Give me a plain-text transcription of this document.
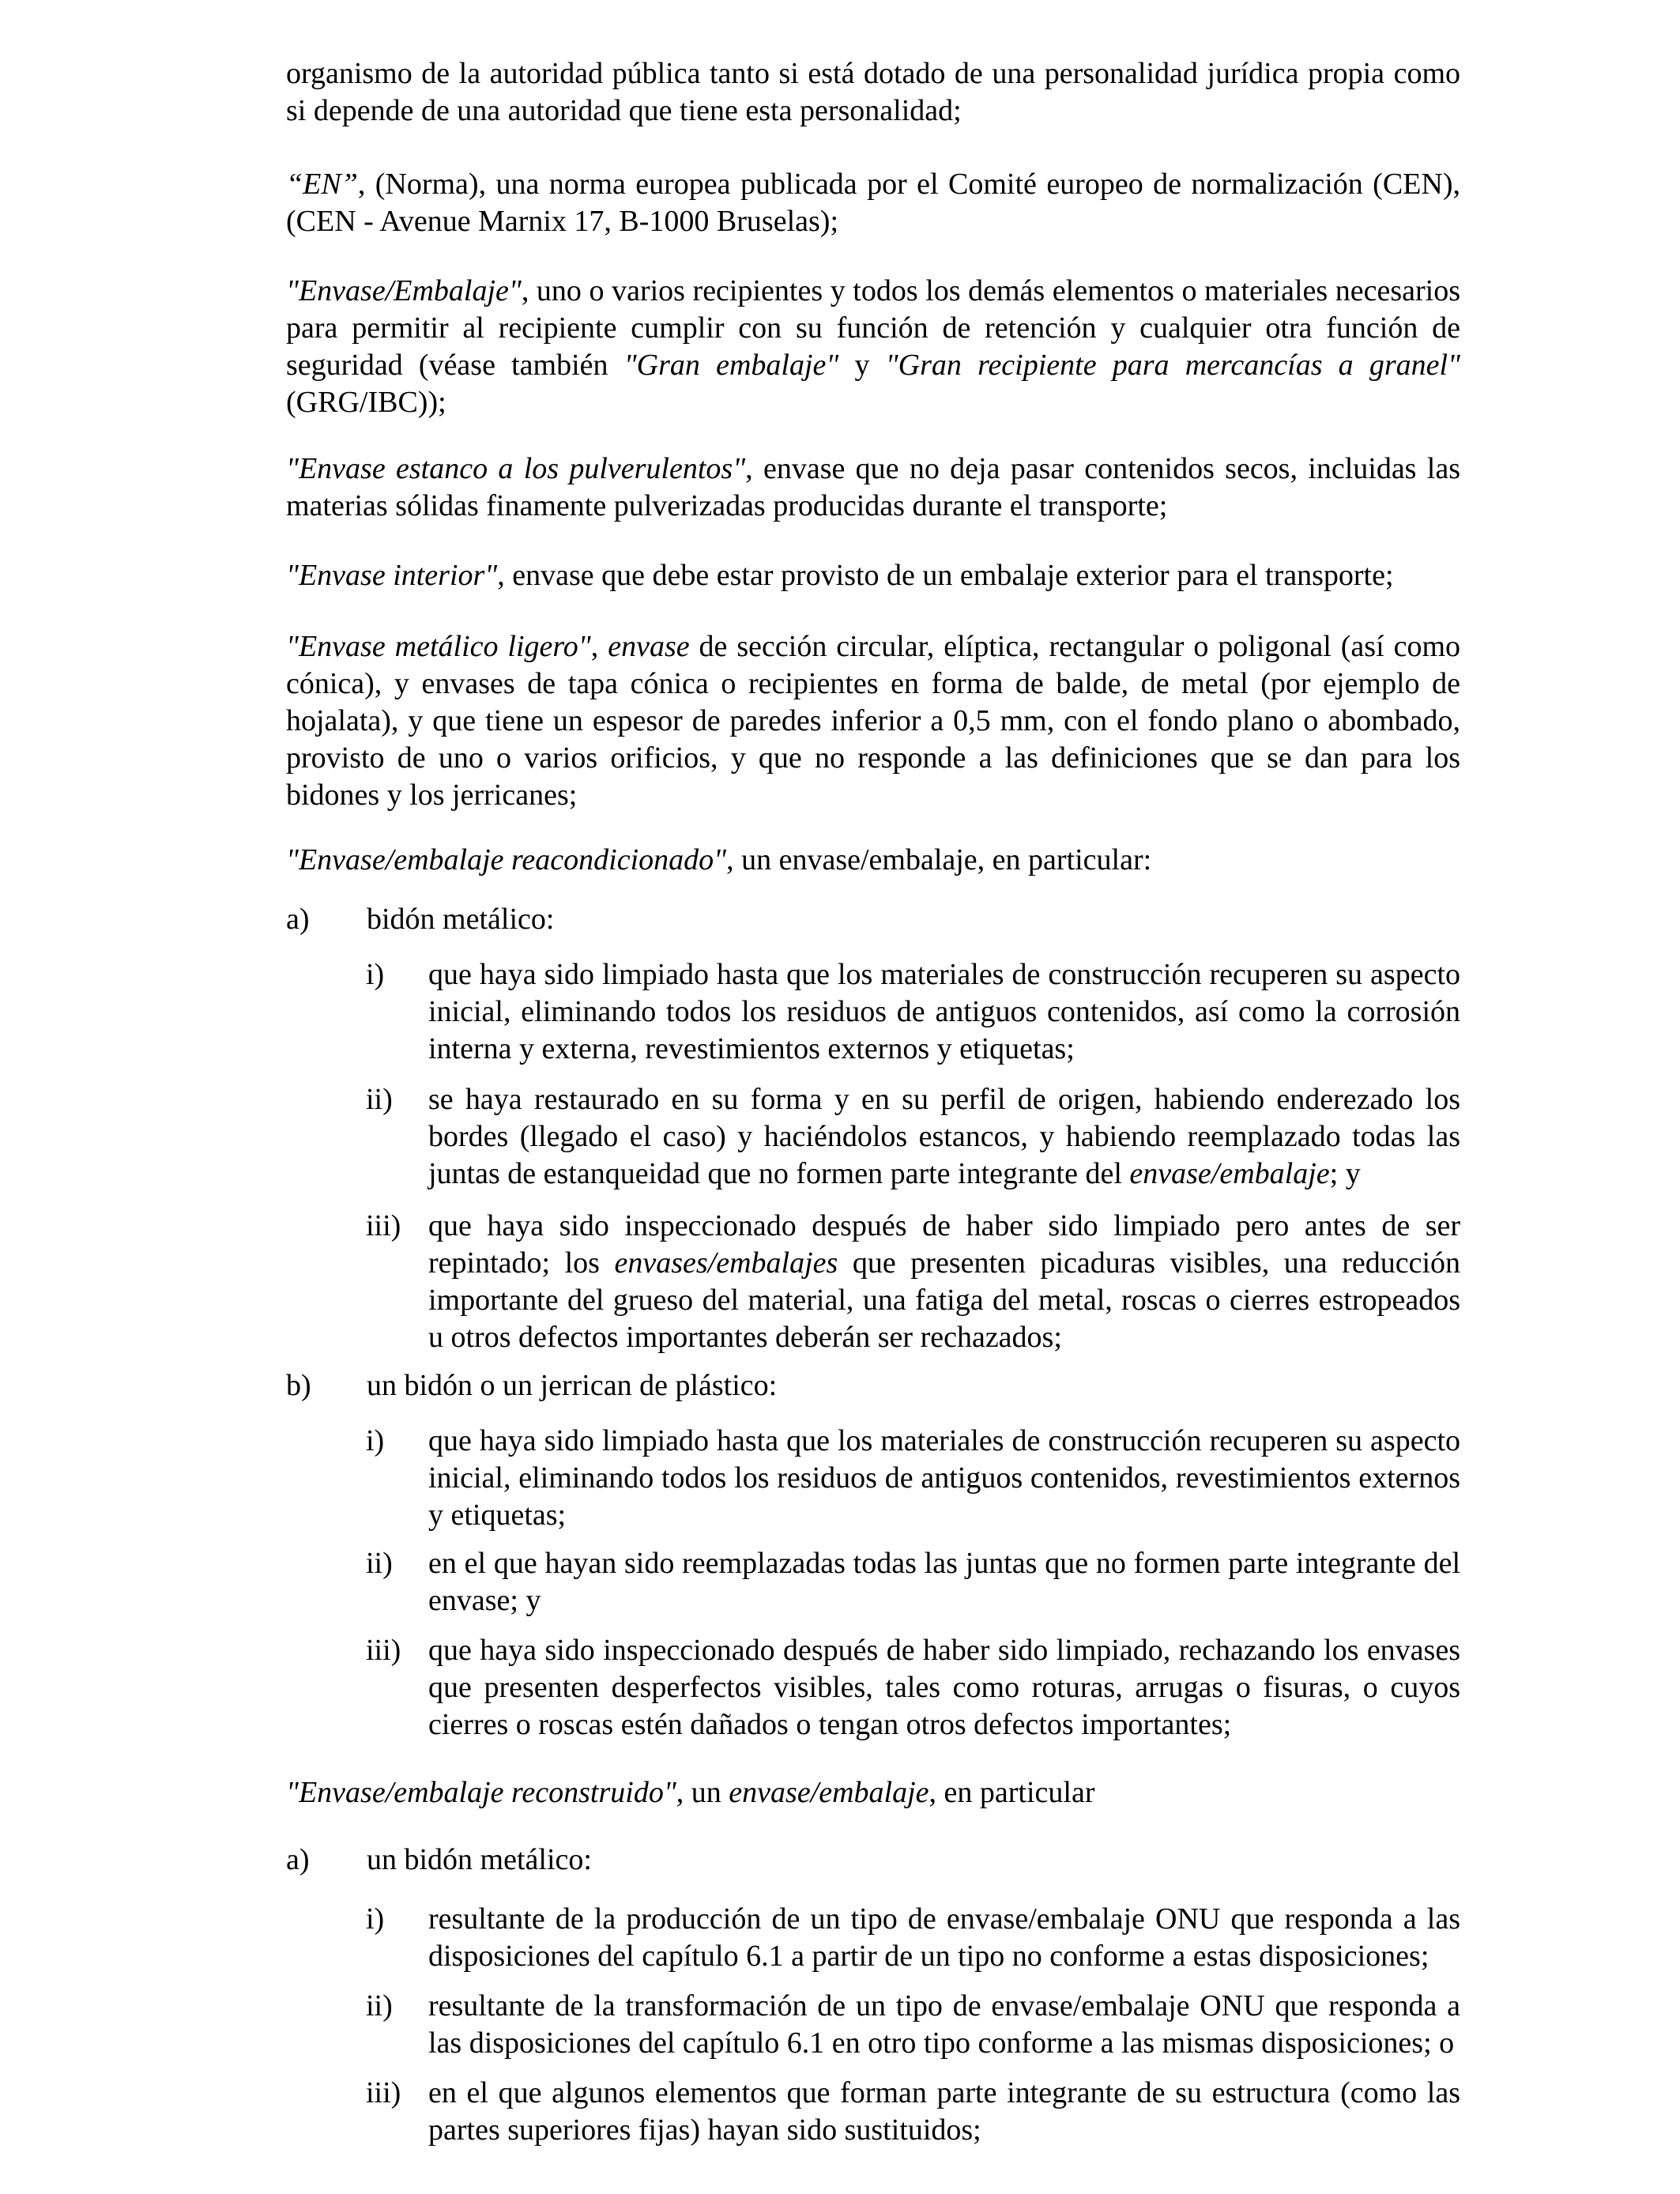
organismo de la autoridad pública tanto si está dotado de una personalidad jurídica propia como si depende de una autoridad que tiene esta personalidad;

“EN”, (Norma), una norma europea publicada por el Comité europeo de normalización (CEN), (CEN - Avenue Marnix 17, B-1000 Bruselas);

"Envase/Embalaje", uno o varios recipientes y todos los demás elementos o materiales necesarios para permitir al recipiente cumplir con su función de retención y cualquier otra función de seguridad (véase también "Gran embalaje" y "Gran recipiente para mercancías a granel" (GRG/IBC));

"Envase estanco a los pulverulentos", envase que no deja pasar contenidos secos, incluidas las materias sólidas finamente pulverizadas producidas durante el transporte;

"Envase interior", envase que debe estar provisto de un embalaje exterior para el transporte;

"Envase metálico ligero", envase de sección circular, elíptica, rectangular o poligonal (así como cónica), y envases de tapa cónica o recipientes en forma de balde, de metal (por ejemplo de hojalata), y que tiene un espesor de paredes inferior a 0,5 mm, con el fondo plano o abombado, provisto de uno o varios orificios, y que no responde a las definiciones que se dan para los bidones y los jerricanes;

"Envase/embalaje reacondicionado", un envase/embalaje, en particular:

a) bidón metálico:
i) que haya sido limpiado hasta que los materiales de construcción recuperen su aspecto inicial, eliminando todos los residuos de antiguos contenidos, así como la corrosión interna y externa, revestimientos externos y etiquetas;
ii) se haya restaurado en su forma y en su perfil de origen, habiendo enderezado los bordes (llegado el caso) y haciéndolos estancos, y habiendo reemplazado todas las juntas de estanqueidad que no formen parte integrante del envase/embalaje; y
iii) que haya sido inspeccionado después de haber sido limpiado pero antes de ser repintado; los envases/embalajes que presenten picaduras visibles, una reducción importante del grueso del material, una fatiga del metal, roscas o cierres estropeados u otros defectos importantes deberán ser rechazados;
b) un bidón o un jerrican de plástico:
i) que haya sido limpiado hasta que los materiales de construcción recuperen su aspecto inicial, eliminando todos los residuos de antiguos contenidos, revestimientos externos y etiquetas;
ii) en el que hayan sido reemplazadas todas las juntas que no formen parte integrante del envase; y
iii) que haya sido inspeccionado después de haber sido limpiado, rechazando los envases que presenten desperfectos visibles, tales como roturas, arrugas o fisuras, o cuyos cierres o roscas estén dañados o tengan otros defectos importantes;

"Envase/embalaje reconstruido", un envase/embalaje, en particular

a) un bidón metálico:
i) resultante de la producción de un tipo de envase/embalaje ONU que responda a las disposiciones del capítulo 6.1 a partir de un tipo no conforme a estas disposiciones;
ii) resultante de la transformación de un tipo de envase/embalaje ONU que responda a las disposiciones del capítulo 6.1 en otro tipo conforme a las mismas disposiciones; o
iii) en el que algunos elementos que forman parte integrante de su estructura (como las partes superiores fijas) hayan sido sustituidos;
